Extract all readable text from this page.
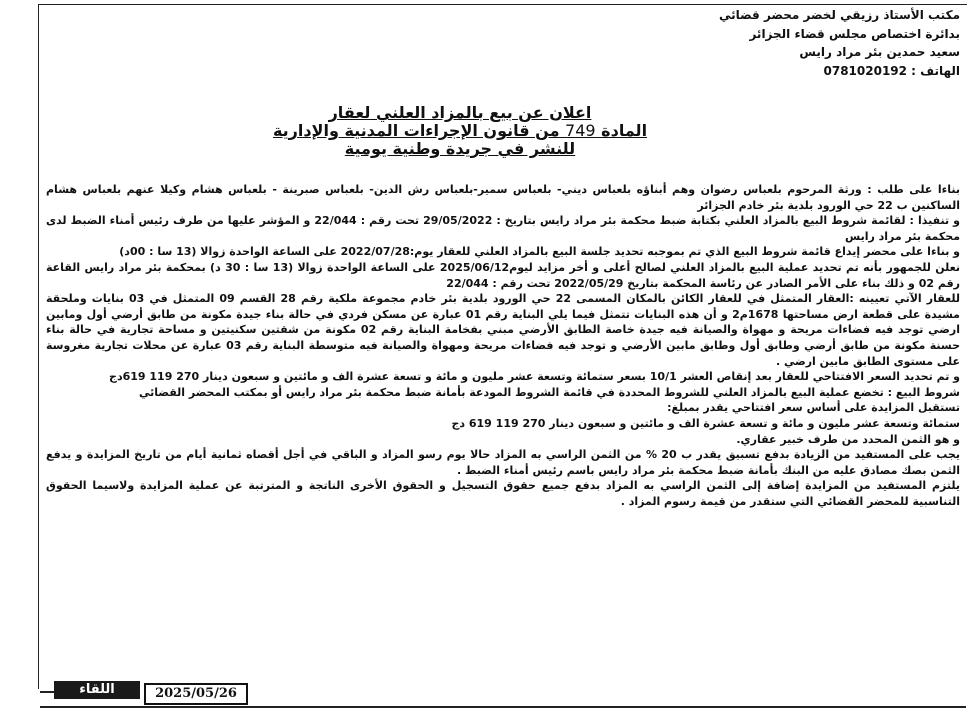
مكتب الأستاذ رزيقي لخضر محضر قضائي
بدائرة اختصاص مجلس قضاء الجزائر
سعيد حمدين بئر مراد رايس
الهاتف : 0781020192
اعلان عن بيع بالمزاد العلني لعقار
المادة 749 من قانون الإجراءات المدنية والإدارية
للنشر في جريدة وطنية يومية

بناءا على طلب : ورثة المرحوم بلعباس رضوان وهم أبناؤه بلعباس ديني- بلعباس سمير-بلعباس رش الدين- بلعباس صبرينة - بلعباس هشام وكيلا عنهم بلعباس هشام الساكنين ب 22 حي الورود بلدية بئر خادم الجزائر

و تنفيذا : لقائمة شروط البيع بالمزاد العلني بكتابة ضبط محكمة بئر مراد رايس بتاريخ : 29/05/2022 تحت رقم : 22/044 و المؤشر عليها من طرف رئيس أمناء الضبط لدى محكمة بئر مراد رايس

و بناءا على محضر إيداع قائمة شروط البيع الذي تم بموجبه تحديد جلسة البيع بالمزاد العلني للعقار يوم:2022/07/28 على الساعة الواحدة زوالا (13 سا : 00د)

نعلن للجمهور بأنه تم تحديد عملية البيع بالمزاد العلني لصالح أعلى و أخر مزايد ليوم2025/06/12 على الساعة الواحدة زوالا (13 سا : 30 د) بمحكمة بئر مراد رايس القاعة رقم 02 و ذلك بناء على الأمر الصادر عن رئاسة المحكمة بتاريخ 2022/05/29 تحت رقم : 22/044

للعقار الآتي تعيينه :العقار المتمثل في للعقار الكائن بالمكان المسمى 22 حي الورود بلدية بئر خادم مجموعة ملكية رقم 28 القسم 09 المتمثل في 03 بنايات وملحقة مشيدة على قطعة ارض مساحتها 1678م2 و أن هذه البنايات تتمثل فيما يلي البناية رقم 01 عبارة عن مسكن فردي في حالة بناء جيدة مكونة من طابق أرضي أول ومابين ارضي توجد فيه فضاءات مريحة و مهواة والصيانة فيه جيدة خاصة الطابق الأرضي مبني بفخامة البناية رقم 02 مكونة من شقتين سكنيتين و مساحة تجارية في حالة بناء حسنة مكونة من طابق أرضي وطابق أول وطابق مابين الأرضي و توجد فيه فضاءات مريحة ومهواة والصيانة فيه متوسطة البناية رقم 03 عبارة عن محلات تجارية مغروسة على مستوى الطابق مابين ارضي .

و تم تحديد السعر الافتتاحي للعقار بعد إنقاص العشر 10/1 بسعر ستمائة وتسعة عشر مليون و مائة و تسعة عشرة الف و مائتين و سبعون دينار 270 119 619دج

شروط البيع : تخضع عملية البيع بالمزاد العلني للشروط المحددة في قائمة الشروط المودعة بأمانة ضبط محكمة بئر مراد رايس أو بمكتب المحضر القضائي

تستقبل المزايدة على أساس سعر افتتاحي يقدر بمبلغ:

ستمائة وتسعة عشر مليون و مائة و تسعة عشرة الف و مائتين و سبعون دينار 270 119 619 دج

و هو الثمن المحدد من طرف خبير عقاري.

يجب على المستفيد من الزيادة بدفع تسبيق يقدر ب 20 % من الثمن الراسي به المزاد حالا يوم رسو المزاد و الباقي في أجل أقصاه ثمانية أيام من تاريخ المزايدة و يدفع الثمن بصك مصادق عليه من البنك بأمانة ضبط محكمة بئر مراد رايس باسم رئيس أمناء الضبط .

يلتزم المستفيد من المزايدة إضافة إلى الثمن الراسي به المزاد بدفع جميع حقوق التسجيل و الحقوق الأخرى الناتجة و المترتبة عن عملية المزايدة ولاسيما الحقوق التناسبية للمحضر القضائي التي ستقدر من قيمة رسوم المزاد .

اللقاء	2025/05/26
